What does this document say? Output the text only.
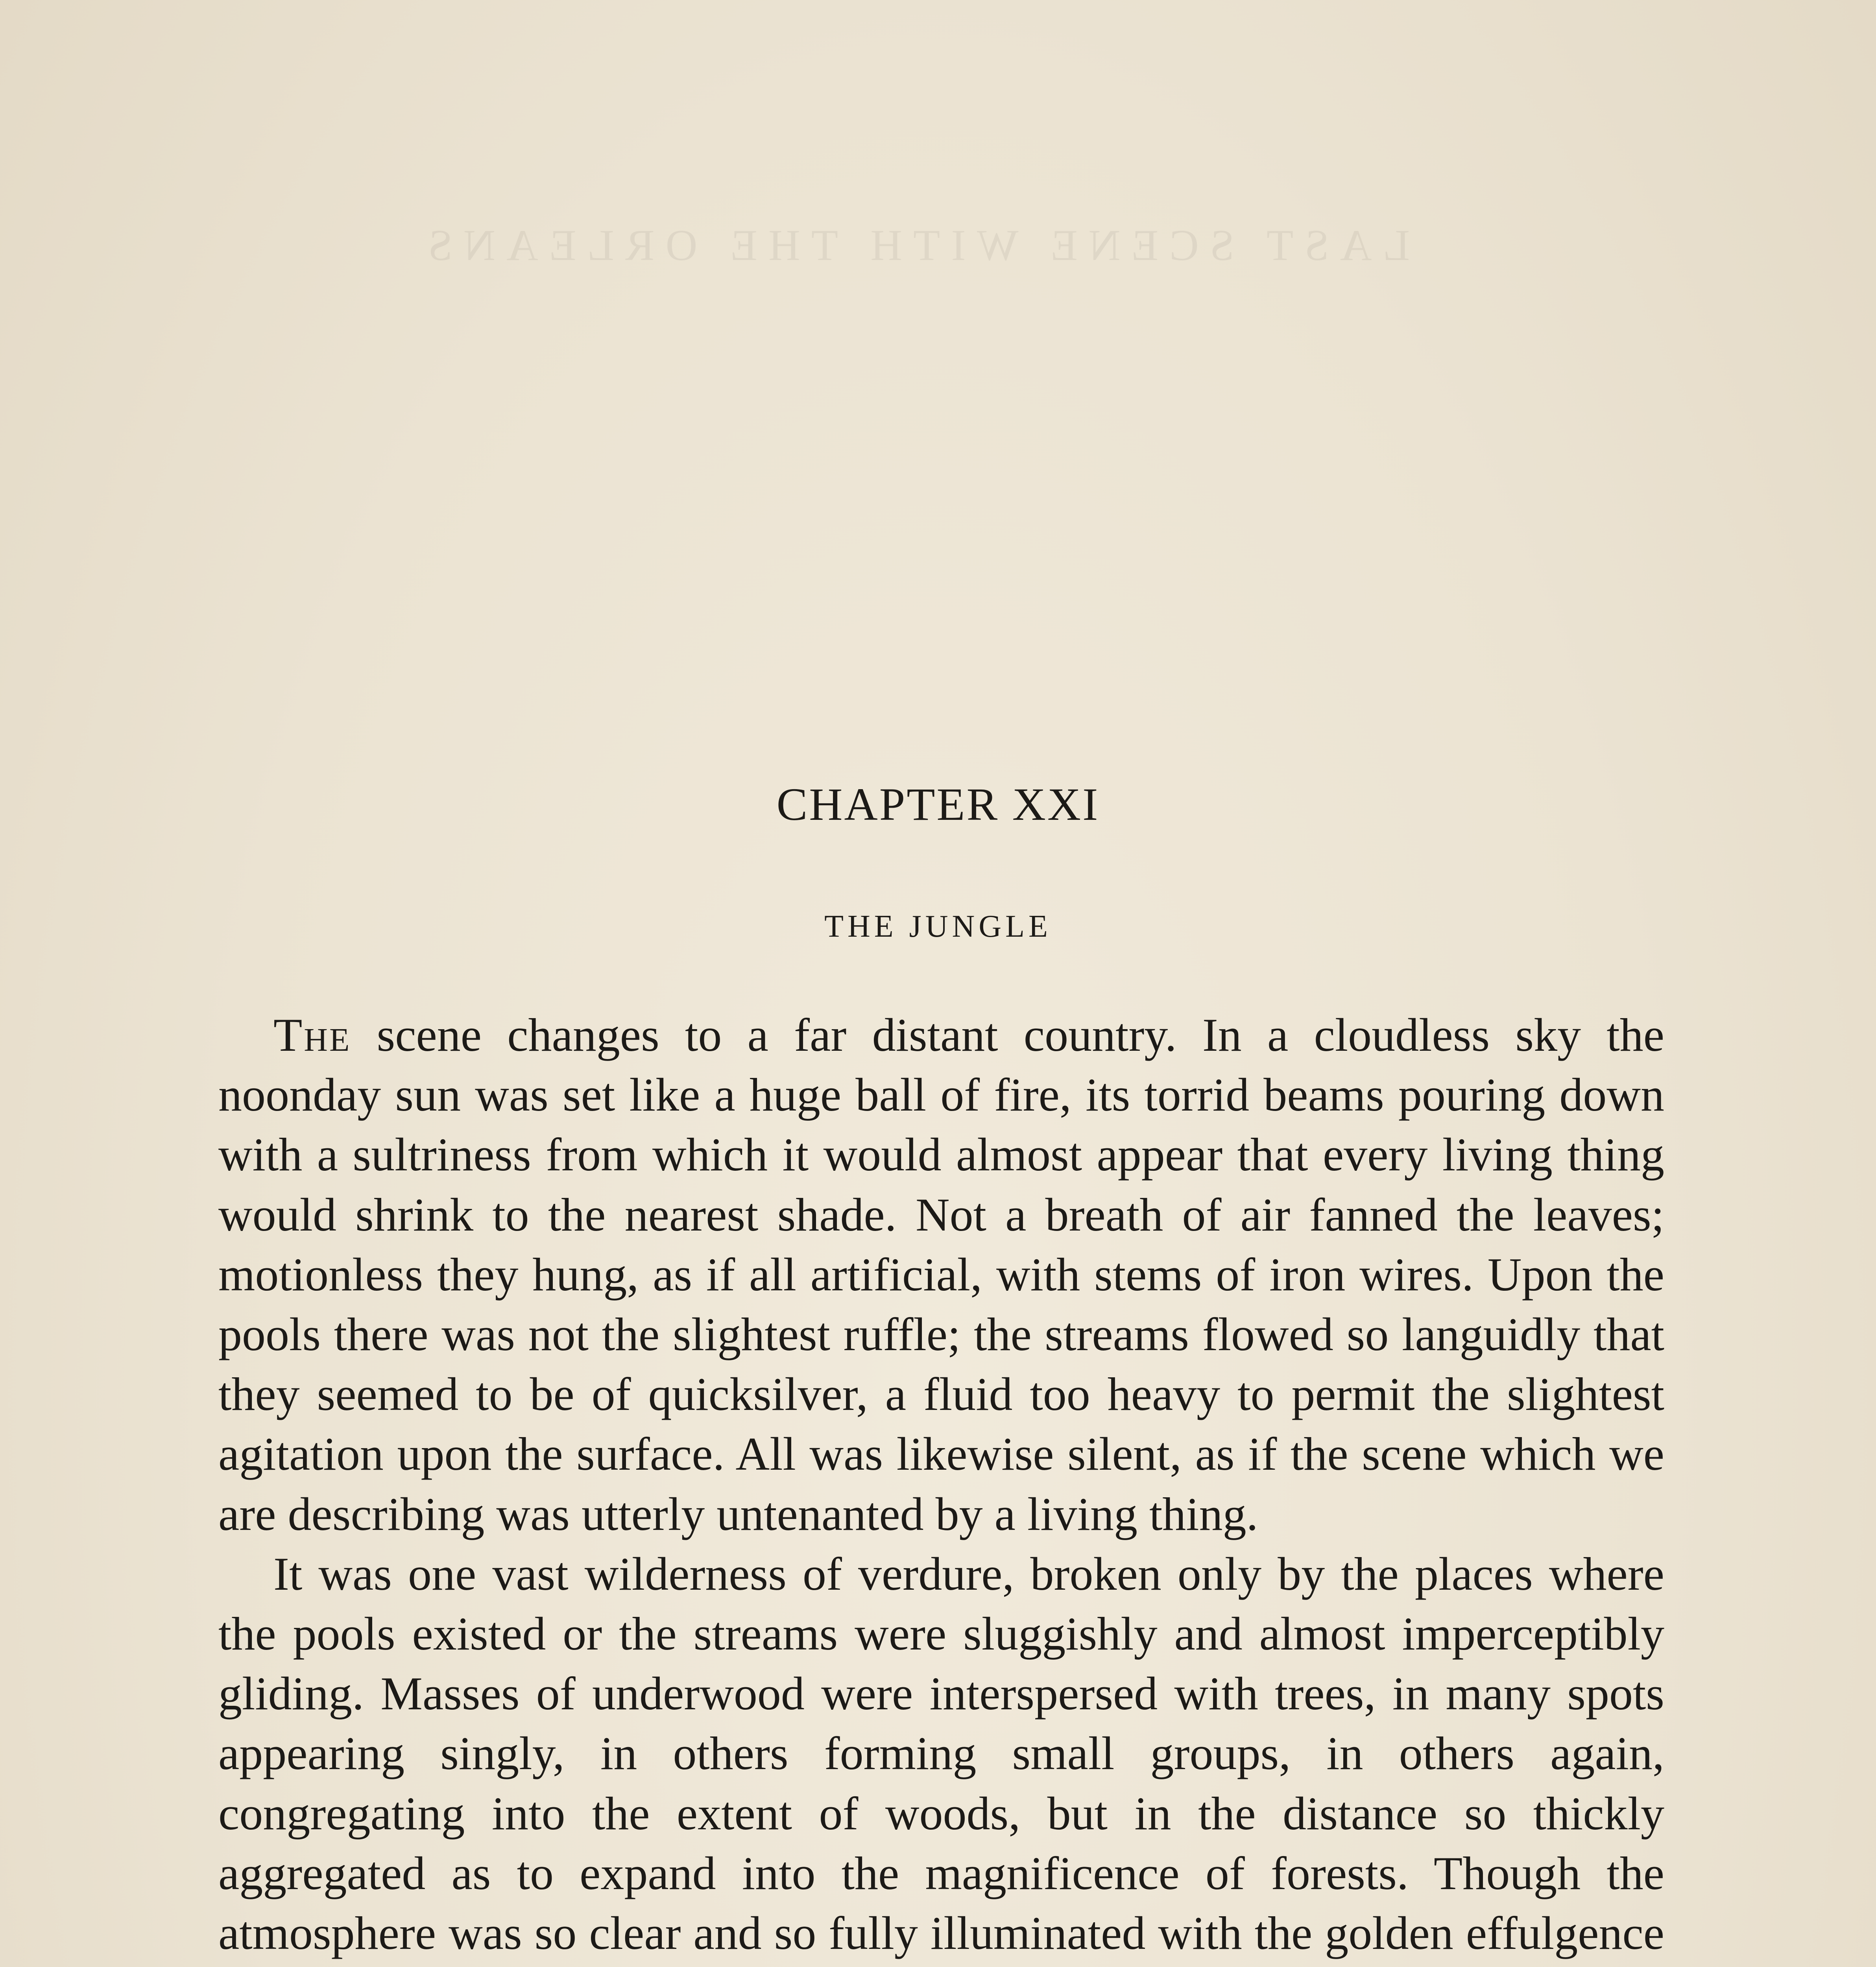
LAST SCENE WITH THE ORLEANS
CHAPTER XXI
THE JUNGLE

The scene changes to a far distant country. In a cloudless sky the noonday sun was set like a huge ball of fire, its torrid beams pouring down with a sultriness from which it would almost appear that every living thing would shrink to the nearest shade. Not a breath of air fanned the leaves; motionless they hung, as if all artificial, with stems of iron wires. Upon the pools there was not the slightest ruffle; the streams flowed so languidly that they seemed to be of quicksilver, a fluid too heavy to permit the slightest agitation upon the surface. All was likewise silent, as if the scene which we are describing was utterly untenanted by a living thing.

It was one vast wilderness of verdure, broken only by the places where the pools existed or the streams were sluggishly and almost imperceptibly gliding. Masses of underwood were interspersed with trees, in many spots appearing singly, in others forming small groups, in others again, congregating into the extent of woods, but in the distance so thickly aggregated as to expand into the magnificence of forests. Though the atmosphere was so clear and so fully illuminated with the golden effulgence
